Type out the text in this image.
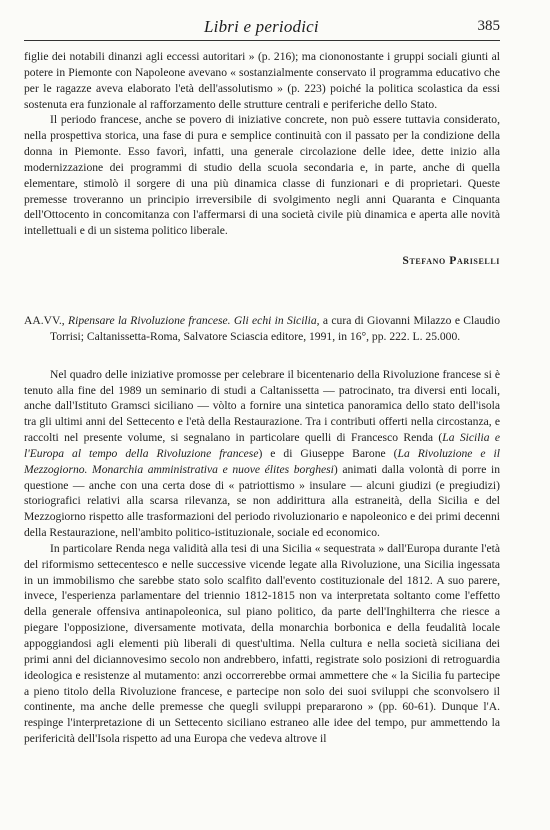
Libri e periodici	385

figlie dei notabili dinanzi agli eccessi autoritari » (p. 216); ma ciononostante i gruppi sociali giunti al potere in Piemonte con Napoleone avevano « sostanzialmente conservato il programma educativo che per le ragazze aveva elaborato l'età dell'assolutismo » (p. 223) poiché la politica scolastica da essi sostenuta era funzionale al rafforzamento delle strutture centrali e periferiche dello Stato.

Il periodo francese, anche se povero di iniziative concrete, non può essere tuttavia considerato, nella prospettiva storica, una fase di pura e semplice continuità con il passato per la condizione della donna in Piemonte. Esso favorì, infatti, una generale circolazione delle idee, dette inizio alla modernizzazione dei programmi di studio della scuola secondaria e, in parte, anche di quella elementare, stimolò il sorgere di una più dinamica classe di funzionari e di proprietari. Queste premesse troveranno un principio irreversibile di svolgimento negli anni Quaranta e Cinquanta dell'Ottocento in concomitanza con l'affermarsi di una società civile più dinamica e aperta alle novità intellettuali e di un sistema politico liberale.

Stefano Pariselli

AA.VV., Ripensare la Rivoluzione francese. Gli echi in Sicilia, a cura di Giovanni Milazzo e Claudio Torrisi; Caltanissetta-Roma, Salvatore Sciascia editore, 1991, in 16°, pp. 222. L. 25.000.

Nel quadro delle iniziative promosse per celebrare il bicentenario della Rivoluzione francese si è tenuto alla fine del 1989 un seminario di studi a Caltanissetta — patrocinato, tra diversi enti locali, anche dall'Istituto Gramsci siciliano — vòlto a fornire una sintetica panoramica dello stato dell'isola tra gli ultimi anni del Settecento e l'età della Restaurazione. Tra i contributi offerti nella circostanza, e raccolti nel presente volume, si segnalano in particolare quelli di Francesco Renda (La Sicilia e l'Europa al tempo della Rivoluzione francese) e di Giuseppe Barone (La Rivoluzione e il Mezzogiorno. Monarchia amministrativa e nuove élites borghesi) animati dalla volontà di porre in questione — anche con una certa dose di « patriottismo » insulare — alcuni giudizi (e pregiudizi) storiografici relativi alla scarsa rilevanza, se non addirittura alla estraneità, della Sicilia e del Mezzogiorno rispetto alle trasformazioni del periodo rivoluzionario e napoleonico e dei primi decenni della Restaurazione, nell'ambito politico-istituzionale, sociale ed economico.

In particolare Renda nega validità alla tesi di una Sicilia « sequestrata » dall'Europa durante l'età del riformismo settecentesco e nelle successive vicende legate alla Rivoluzione, una Sicilia ingessata in un immobilismo che sarebbe stato solo scalfito dall'evento costituzionale del 1812. A suo parere, invece, l'esperienza parlamentare del triennio 1812-1815 non va interpretata soltanto come l'effetto della generale offensiva antinapoleonica, sul piano politico, da parte dell'Inghilterra che riesce a piegare l'opposizione, diversamente motivata, della monarchia borbonica e della feudalità locale appoggiandosi agli elementi più liberali di quest'ultima. Nella cultura e nella società siciliana dei primi anni del diciannovesimo secolo non andrebbero, infatti, registrate solo posizioni di retroguardia ideologica e resistenze al mutamento: anzi occorrerebbe ormai ammettere che « la Sicilia fu partecipe a pieno titolo della Rivoluzione francese, e partecipe non solo dei suoi sviluppi che sconvolsero il continente, ma anche delle premesse che quegli sviluppi prepararono » (pp. 60-61). Dunque l'A. respinge l'interpretazione di un Settecento siciliano estraneo alle idee del tempo, pur ammettendo la perifericità dell'Isola rispetto ad una Europa che vedeva altrove il
